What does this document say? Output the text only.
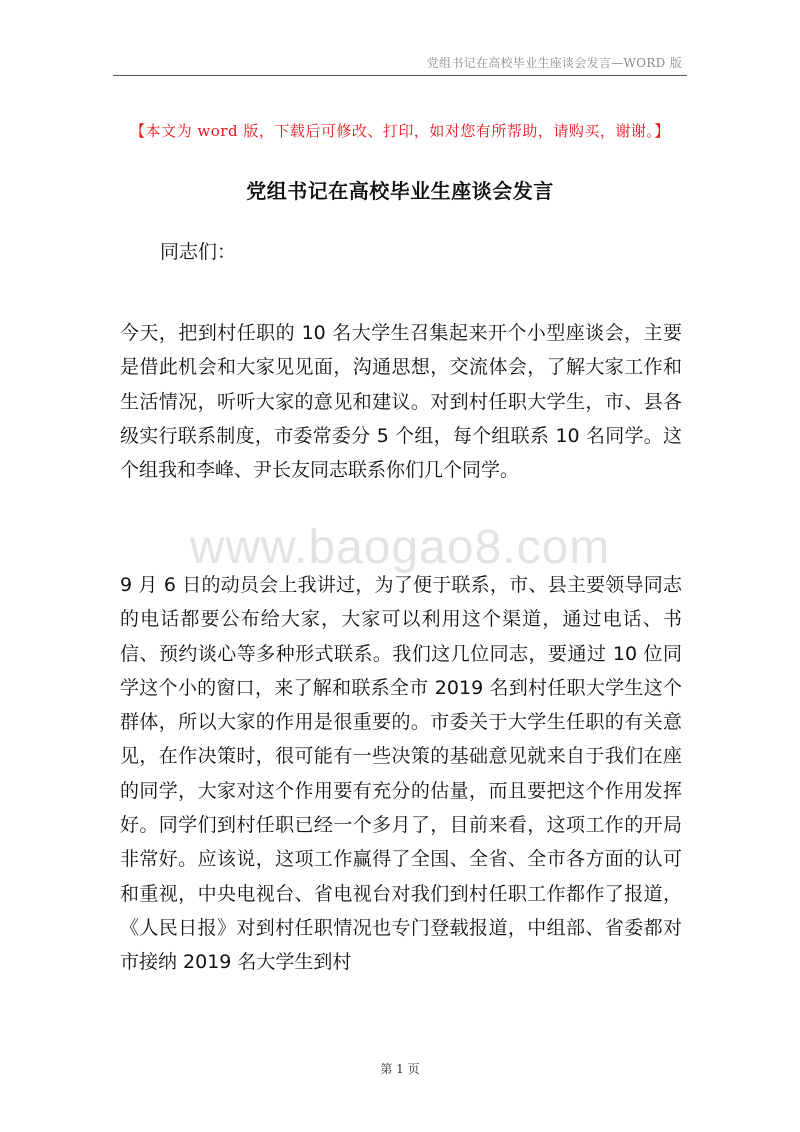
党组书记在高校毕业生座谈会发言—WORD 版
【本文为 word 版，下载后可修改、打印，如对您有所帮助，请购买，谢谢。】
党组书记在高校毕业生座谈会发言
同志们：

今天，把到村任职的 10 名大学生召集起来开个小型座谈会，主要是借此机会和大家见见面，沟通思想，交流体会，了解大家工作和生活情况，听听大家的意见和建议。对到村任职大学生，市、县各级实行联系制度，市委常委分 5 个组，每个组联系 10 名同学。这个组我和李峰、尹长友同志联系你们几个同学。

www.baogao8.com

9 月 6 日的动员会上我讲过，为了便于联系，市、县主要领导同志的电话都要公布给大家，大家可以利用这个渠道，通过电话、书信、预约谈心等多种形式联系。我们这几位同志，要通过 10 位同学这个小的窗口，来了解和联系全市 2019 名到村任职大学生这个群体，所以大家的作用是很重要的。市委关于大学生任职的有关意见，在作决策时，很可能有一些决策的基础意见就来自于我们在座的同学，大家对这个作用要有充分的估量，而且要把这个作用发挥好。同学们到村任职已经一个多月了，目前来看，这项工作的开局非常好。应该说，这项工作赢得了全国、全省、全市各方面的认可和重视，中央电视台、省电视台对我们到村任职工作都作了报道，《人民日报》对到村任职情况也专门登载报道，中组部、省委都对市接纳 2019 名大学生到村

第 1 页
